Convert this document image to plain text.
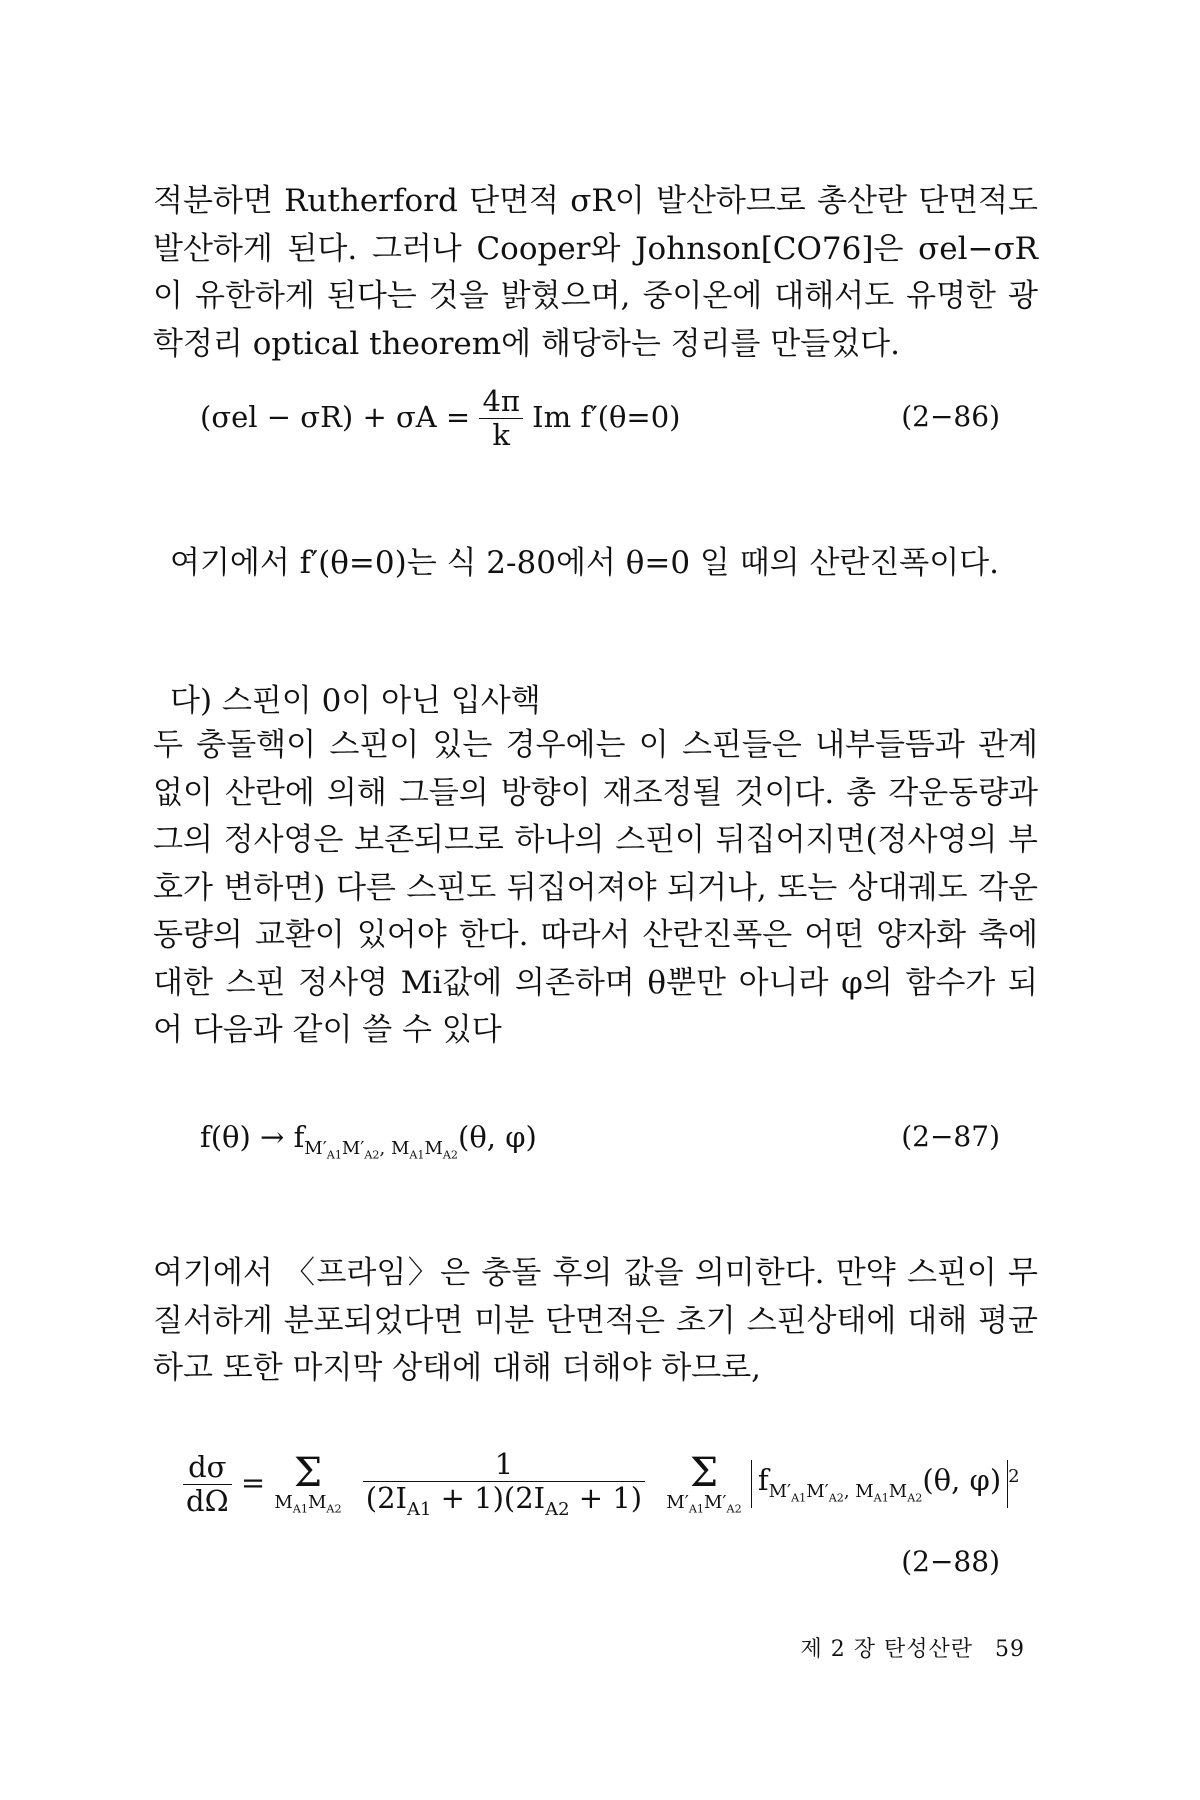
적분하면 Rutherford 단면적 σR이 발산하므로 총산란 단면적도 발산하게 된다. 그러나 Cooper와 Johnson[CO76]은 σel−σR이 유한하게 된다는 것을 밝혔으며, 중이온에 대해서도 유명한 광학정리 optical theorem에 해당하는 정리를 만들었다.

$(\sigma el - \sigma R) + \sigma A = \frac{4\pi}{k}$ Im f′(θ=0)	(2−86)

여기에서 f′(θ=0)는 식 2-80에서 θ=0 일 때의 산란진폭이다.

다) 스핀이 0이 아닌 입사핵

두 충돌핵이 스핀이 있는 경우에는 이 스핀들은 내부들뜸과 관계없이 산란에 의해 그들의 방향이 재조정될 것이다. 총 각운동량과 그의 정사영은 보존되므로 하나의 스핀이 뒤집어지면(정사영의 부호가 변하면) 다른 스핀도 뒤집어져야 되거나, 또는 상대궤도 각운동량의 교환이 있어야 한다. 따라서 산란진폭은 어떤 양자화 축에 대한 스핀 정사영 Mi값에 의존하며 θ뿐만 아니라 φ의 함수가 되어 다음과 같이 쓸 수 있다

$f(\theta) \to f_{M'_{A1}M'_{A2}, M_{A1}M_{A2}}(\theta$, φ)	(2−87)

여기에서 〈프라임〉은 충돌 후의 값을 의미한다. 만약 스핀이 무질서하게 분포되었다면 미분 단면적은 초기 스핀상태에 대해 평균하고 또한 마지막 상태에 대해 더해야 하므로,

$\frac{d\sigma}{d\Omega} = \Sigma$
$M_{A1}M_{A2}$
$\frac{1}{(2I_{A1} + 1)(2I_{A2} + 1)}$
	Σ
$M'_{A1}M'_{A2}$
$f_{M'_{A1}M'_{A2}, M_{A1}M_{A2}}(\theta$, φ) $^2$
(2−88)
제 2 장 탄성산란 59
